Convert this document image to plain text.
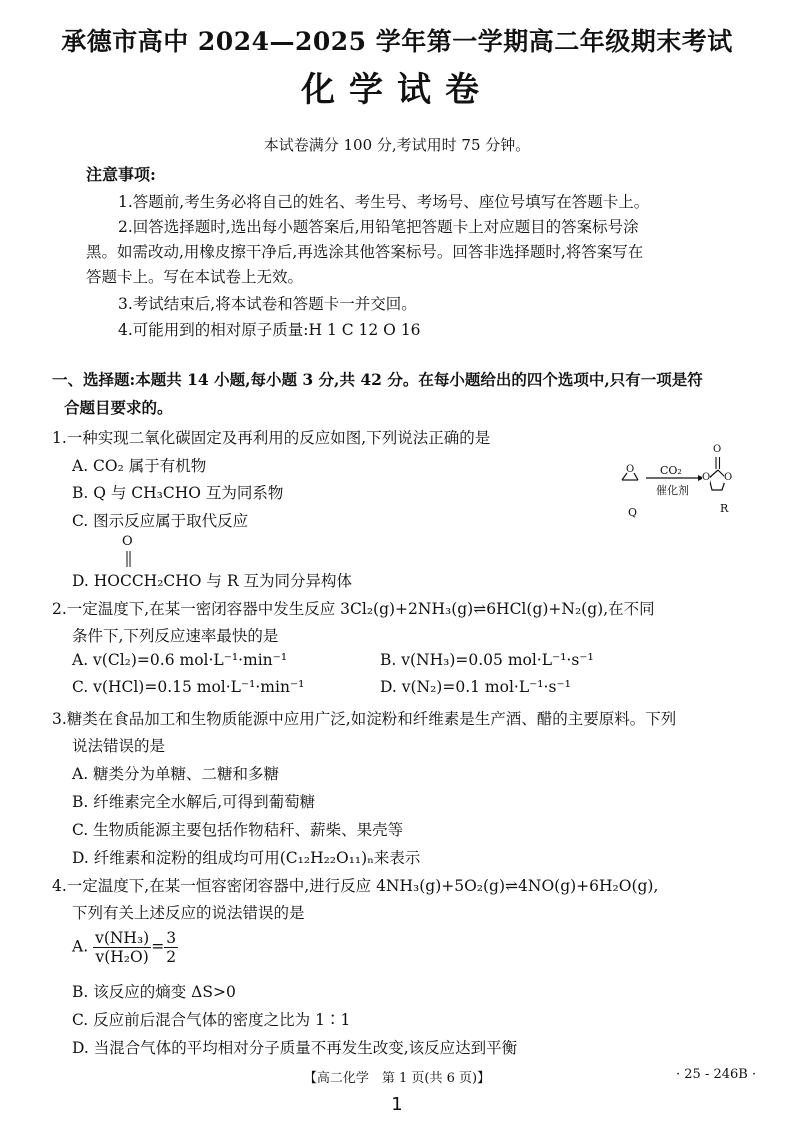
承德市高中 2024—2025 学年第一学期高二年级期末考试
化学试卷
本试卷满分 100 分,考试用时 75 分钟。
注意事项:
1.答题前,考生务必将自己的姓名、考生号、考场号、座位号填写在答题卡上。
2.回答选择题时,选出每小题答案后,用铅笔把答题卡上对应题目的答案标号涂
黑。如需改动,用橡皮擦干净后,再选涂其他答案标号。回答非选择题时,将答案写在
答题卡上。写在本试卷上无效。
3.考试结束后,将本试卷和答题卡一并交回。
4.可能用到的相对原子质量:H 1 C 12 O 16
一、选择题:本题共 14 小题,每小题 3 分,共 42 分。在每小题给出的四个选项中,只有一项是符
合题目要求的。
1.一种实现二氧化碳固定及再利用的反应如图,下列说法正确的是
A. CO₂ 属于有机物
B. Q 与 CH₃CHO 互为同系物
C. 图示反应属于取代反应
O
D. HOCCH₂CHO 与 R 互为同分异构体
O CO₂
催化剂
O
O O
Q	R
2.一定温度下,在某一密闭容器中发生反应 3Cl₂(g)+2NH₃(g)⇌6HCl(g)+N₂(g),在不同
条件下,下列反应速率最快的是
A. v(Cl₂)=0.6 mol·L⁻¹·min⁻¹	B. v(NH₃)=0.05 mol·L⁻¹·s⁻¹
C. v(HCl)=0.15 mol·L⁻¹·min⁻¹	D. v(N₂)=0.1 mol·L⁻¹·s⁻¹
3.糖类在食品加工和生物质能源中应用广泛,如淀粉和纤维素是生产酒、醋的主要原料。下列
说法错误的是
A. 糖类分为单糖、二糖和多糖
B. 纤维素完全水解后,可得到葡萄糖
C. 生物质能源主要包括作物秸秆、薪柴、果壳等
D. 纤维素和淀粉的组成均可用(C₁₂H₂₂O₁₁)ₙ来表示
4.一定温度下,在某一恒容密闭容器中,进行反应 4NH₃(g)+5O₂(g)⇌4NO(g)+6H₂O(g),
下列有关上述反应的说法错误的是
A. $\frac{\text{v(NH₃)}}{\text{v(H₂O)}} = \frac{3}{2}$
B. 该反应的熵变 ΔS>0
C. 反应前后混合气体的密度之比为 1∶1
D. 当混合气体的平均相对分子质量不再发生改变,该反应达到平衡
【高二化学　第 1 页(共 6 页)】	· 25 - 246B ·
1
